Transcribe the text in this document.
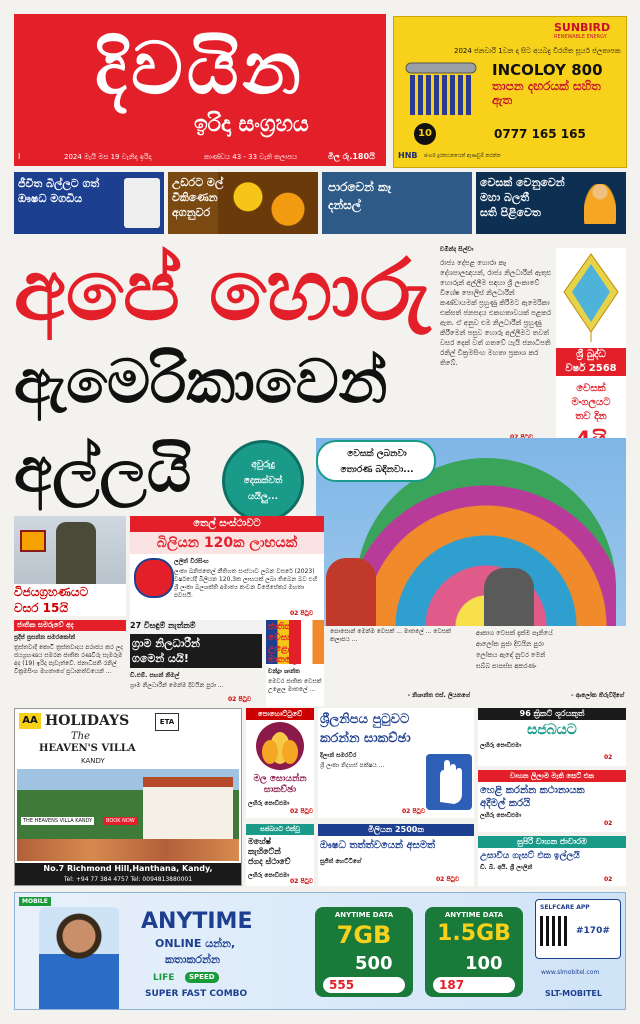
දිවයින
ඉරිදා සංග්‍රහය
I	2024 මැයි මස 19 වැනිදා ඉරිදා	කාණ්ඩය 43 - 33 වැනි කලාපය	මිල රු.180යි
SUNBIRD
RENEWABLE ENERGY
2024 ජනවාරි 1වන දා සිට අයබදු විරහිත සූර්ය ජලතාපක
INCOLOY 800
තාපන දඟරයක් සහිත ඇත
10	0777 165 165
HNB ජංගම දුරකථනයෙන් ඇණවුම් කරන්න
ජීවිත බිල්ලට ගත්
ඖෂධ මගඩිය
උඩරට මල්
විකිණෙන
අගනුවර
පාරවෙන් කෑ
දන්සල්
වෙසක් වෙනුවෙන්
මහා බලතී
සති පිළිවෙත
අපේ හොරු
ඇමෙරිකාවෙන්
අල්ලයි	අවුරුදු
දෙකක්වත්
යයිලු...
චමින්ද සිල්වා
රාජ්‍ය දේපළ හොරා කෑ දේශපාලඥයන්, රාජ්‍ය නිලධාරීන් ඇතුළු හොරුන් අල්ලීම සඳහා ශ්‍රී ලංකාවේ විශේෂ පොලිස් නිලධාරීන් කණ්ඩායමක් ප්‍රහුණු කිරීමට ඇමෙරිකා එක්සත් ජනපදය එකඟතාවයක් පළකර ඇත. ඒ අනුව එම නිලධාරීන් ප්‍රහුණු කිරීමෙන් පසුව හොරු අල්ලීමට තවත් වසර දෙක් වත් ගතවේ යැයි ජනාධිපති රනිල් වික්‍රමසිංහ මහතා ප්‍රකාශ කර තිබේ.
ශ්‍රී බුද්ධ
වර්ෂ 2568
වෙසක්
මංගලයට
තව දින
වෙසක් ලබනවා
තොරණ බඳිනවා...
විජයග්‍රහණයට
වසර 15යි
ජාතික සමරුවේ අද
ප්‍රදීප් ප්‍රසන්න සමරකෝන්
ත්‍රස්තවාදී කොටි ත්‍රස්තවාදය පරාජය කර ලද ජයග්‍රහණය සමරන ජාතික රණවිරු සැමරුම අද (19) ඉරිදා පැවැත්වේ. ජනාධිපති රනිල් වික්‍රමසිංහ මහතාගේ ප්‍රධානත්වයෙන් ...
තෙල් සංස්ථාවට
බිලියන 120ක ලාභයක්
ලලිත් වීරසිංහ
ලංකා ඛනිජතෙල් නීතිගත සංස්ථාව ලබන වසරේ (2023) වර්ෂයේදී බිලියන 120.3ක ලාභයක් ලබා තිබෙන බව එහි ශ්‍රී ලංකා බලශක්ති අමාත්‍ය කංචන විජේසේකර මහතා පවසයි.
02 පිටුව
27 විසඳුම් නැත්නම්
ග්‍රාම නිලධාරීන්
ගමෙන් යයි!
ඩී.එම්. සහන් නිමල්
ග්‍රාම නිලධාරීන් මෙන්ම දිවයින පුරා ...
02 පිටුව
ජාතික
වෙසක්
උළෙල
මාතලේ
චන්ද්‍රා ශාන්ත
මෙවර ජාතික වෙසක් උළෙල මාතලේ ...
පොසොන් මෙන්ම වෙසක් ... මාතලේ ... වෙසක් කලාපය ...
- නිශාන්ත එස්. ලියනගේ
ආකාශ වෙසක් දැක්ම පෑනියේ
ආලෝක පූජා දිවයින පුරා
ලෝකය ඇඳේ නුවර මෙන්
සබ්බ පාපස්ස අකරණං
- ආලෝක තිරුවිදිගේ
AA HOLIDAYS	ETA
The
HEAVEN'S VILLA
KANDY
THE HEAVENS VILLA KANDY	BOOK NOW
No.7 Richmond Hill,Hanthana, Kandy,
Tel: +94 77 384 4757 Tel: 0094813880001
පොහොට්ටුවේ
මල සොයන්න
සාකච්ඡා
ලහිරු පොඩිඑමා
02 පිටුව
සජබයට එක්වූ
මහේෂ්
කැහිටේන්
ජගද ස්ථාවේ
ලහිරු පොඩිඑමා
02 පිටුව
ශ්‍රීලනිපය පුටුවට
කරන්න සාකච්ඡා
දිලාන් සමරවීර
ශ්‍රී ලංකා නිදහස් පක්ෂය ...
02 පිටුව
මිලියන 2500ක
ඖෂධ තත්ත්වයෙන් අසමත්
සුජිත් හෙට්ටිගේ
02 පිටුව
96 ක්‍රිකට් ශූරයකුත්
සජබයට
ලහිරු පොඩිඑමා
02
වාහන ලිලාම මැති සෙට් එක
හෙළි කරන්න කථානායක
අදීමල් කරයි
ලහිරු පොඩිඑමා
02
සුපිරි වාහන ජාවාරම
උසාවිය ගැසට් එක ඉල්ලයි
ඩී. බී. අයි. ශ්‍රී ලාලින්
02
MOBILE
ANYTIME
ONLINE යන්න,
කතාකරන්න
LIFE	SPEED
SUPER FAST COMBO
ANYTIME DATA
7GB
500
555
ANYTIME DATA
1.5GB
100
187
SELFCARE APP
#170#
www.slmobitel.com
SLT-MOBITEL
